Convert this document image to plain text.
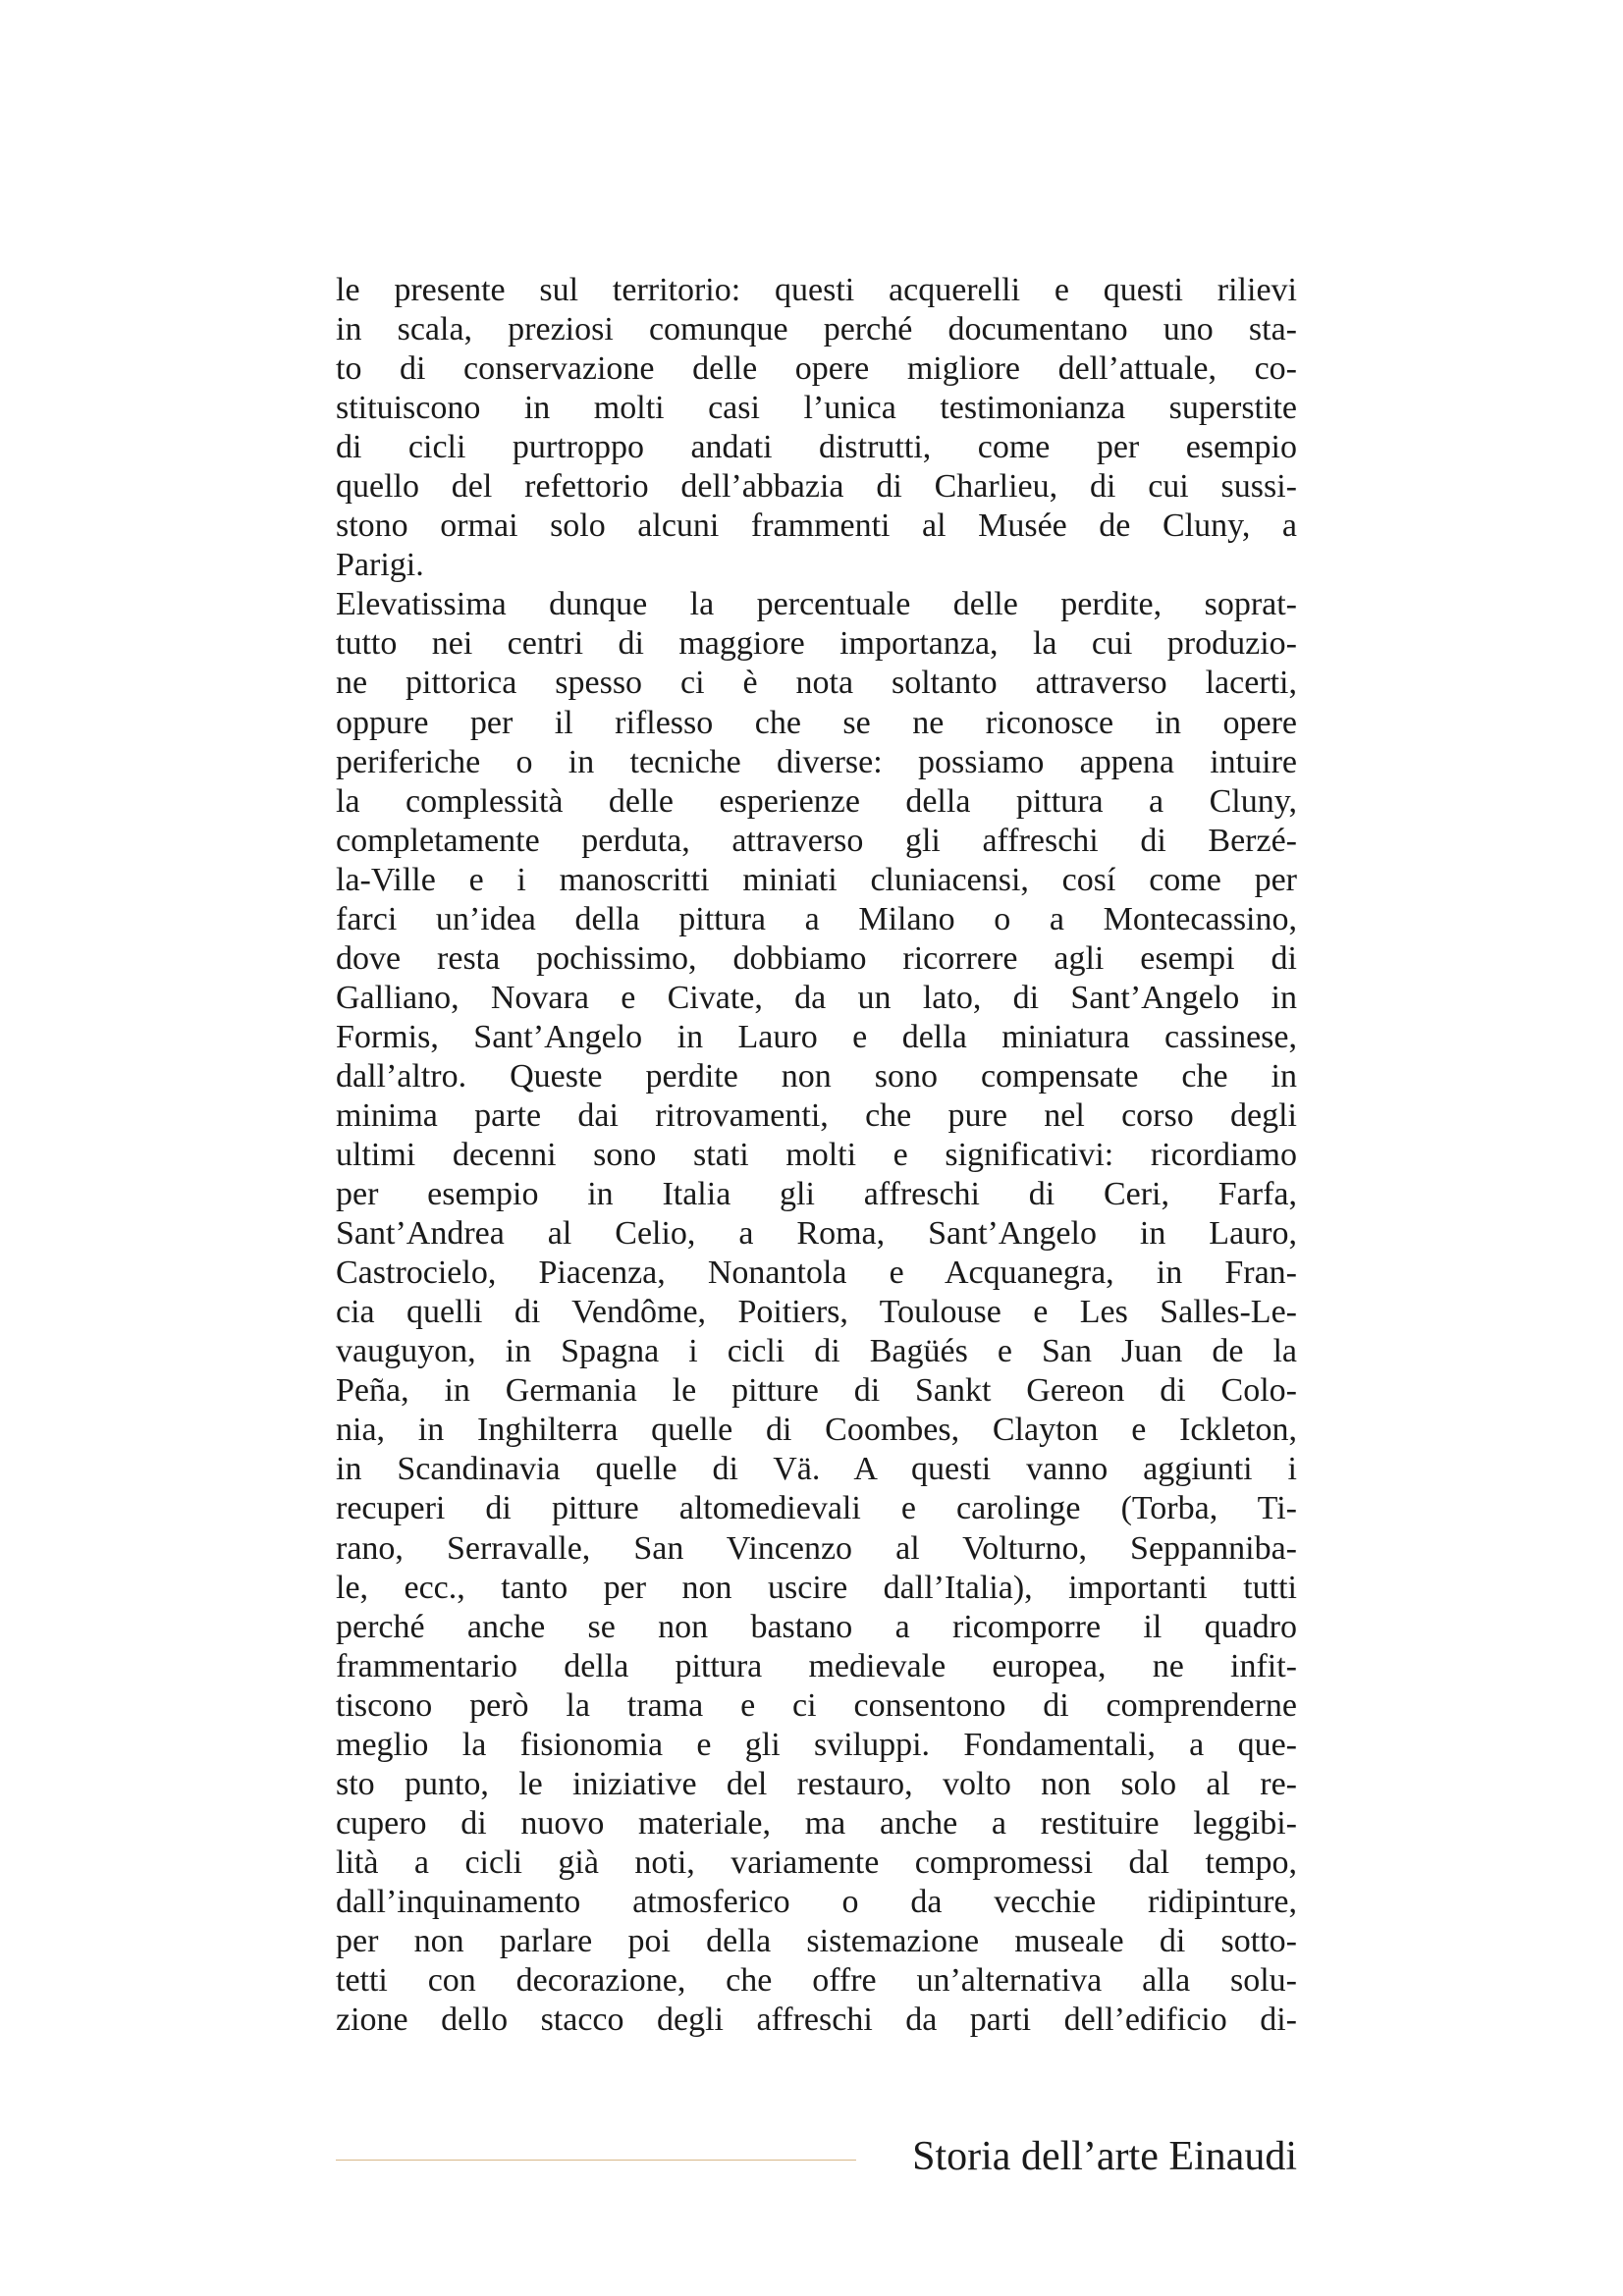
le presente sul territorio: questi acquerelli e questi rilievi
in scala, preziosi comunque perché documentano uno sta-
to di conservazione delle opere migliore dell’attuale, co-
stituiscono in molti casi l’unica testimonianza superstite
di cicli purtroppo andati distrutti, come per esempio
quello del refettorio dell’abbazia di Charlieu, di cui sussi-
stono ormai solo alcuni frammenti al Musée de Cluny, a
Parigi.
Elevatissima dunque la percentuale delle perdite, soprat-
tutto nei centri di maggiore importanza, la cui produzio-
ne pittorica spesso ci è nota soltanto attraverso lacerti,
oppure per il riflesso che se ne riconosce in opere
periferiche o in tecniche diverse: possiamo appena intuire
la complessità delle esperienze della pittura a Cluny,
completamente perduta, attraverso gli affreschi di Berzé-
la-Ville e i manoscritti miniati cluniacensi, cosí come per
farci un’idea della pittura a Milano o a Montecassino,
dove resta pochissimo, dobbiamo ricorrere agli esempi di
Galliano, Novara e Civate, da un lato, di Sant’Angelo in
Formis, Sant’Angelo in Lauro e della miniatura cassinese,
dall’altro. Queste perdite non sono compensate che in
minima parte dai ritrovamenti, che pure nel corso degli
ultimi decenni sono stati molti e significativi: ricordiamo
per esempio in Italia gli affreschi di Ceri, Farfa,
Sant’Andrea al Celio, a Roma, Sant’Angelo in Lauro,
Castrocielo, Piacenza, Nonantola e Acquanegra, in Fran-
cia quelli di Vendôme, Poitiers, Toulouse e Les Salles-Le-
vauguyon, in Spagna i cicli di Bagüés e San Juan de la
Peña, in Germania le pitture di Sankt Gereon di Colo-
nia, in Inghilterra quelle di Coombes, Clayton e Ickleton,
in Scandinavia quelle di Vä. A questi vanno aggiunti i
recuperi di pitture altomedievali e carolinge (Torba, Ti-
rano, Serravalle, San Vincenzo al Volturno, Seppanniba-
le, ecc., tanto per non uscire dall’Italia), importanti tutti
perché anche se non bastano a ricomporre il quadro
frammentario della pittura medievale europea, ne infit-
tiscono però la trama e ci consentono di comprenderne
meglio la fisionomia e gli sviluppi. Fondamentali, a que-
sto punto, le iniziative del restauro, volto non solo al re-
cupero di nuovo materiale, ma anche a restituire leggibi-
lità a cicli già noti, variamente compromessi dal tempo,
dall’inquinamento atmosferico o da vecchie ridipinture,
per non parlare poi della sistemazione museale di sotto-
tetti con decorazione, che offre un’alternativa alla solu-
zione dello stacco degli affreschi da parti dell’edificio di-
Storia dell’arte Einaudi
